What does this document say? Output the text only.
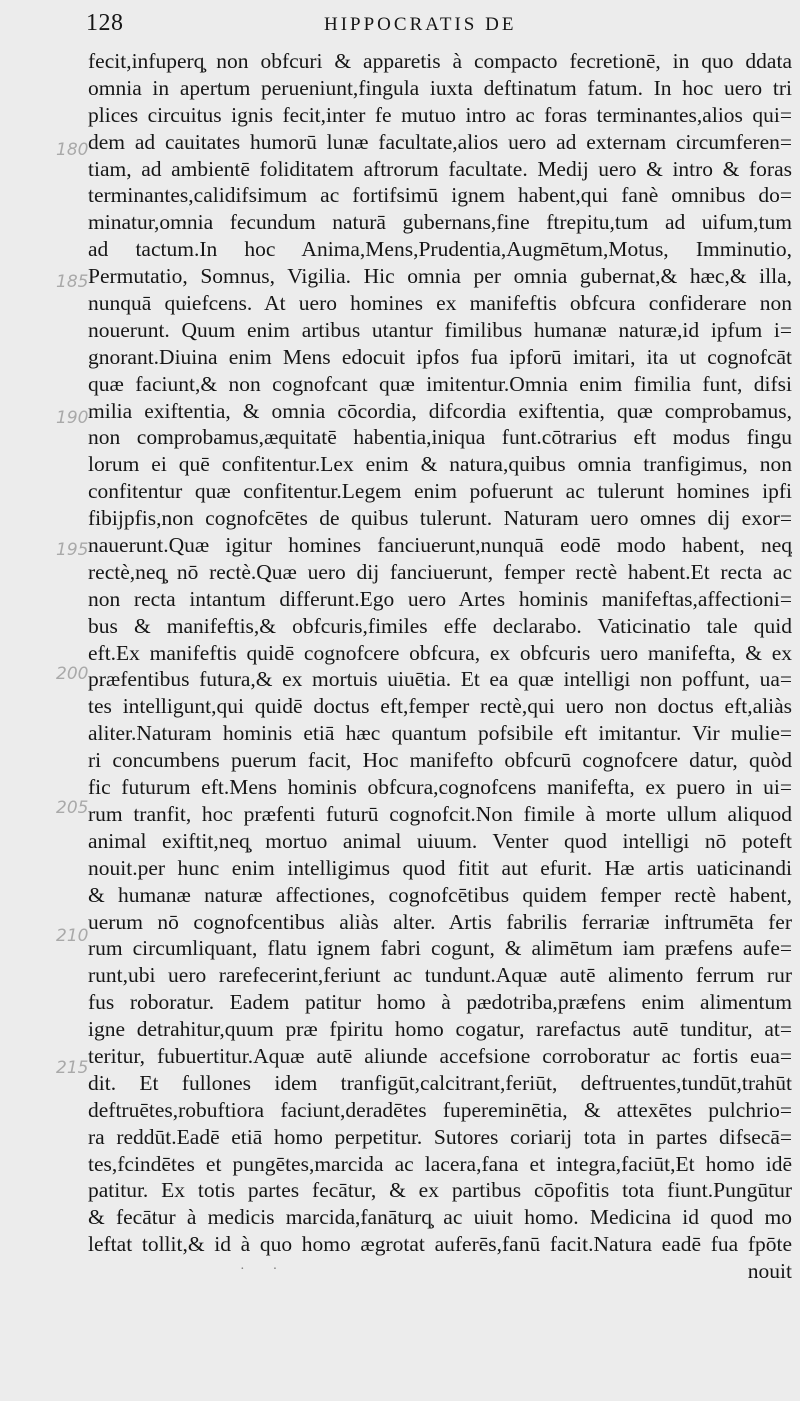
128	HIPPOCRATIS DE
fecit,infuperq̧ non obfcuri & apparetis à compacto fecretionē, in quo ddata
omnia in apertum perueniunt,fingula iuxta deftinatum fatum. In hoc uero tri
plices circuitus ignis fecit,inter fe mutuo intro ac foras terminantes,alios qui=
dem ad cauitates humorū lunæ facultate,alios uero ad externam circumferen=
tiam, ad ambientē foliditatem aftrorum facultate. Medij uero & intro & foras
terminantes,calidifsimum ac fortifsimū ignem habent,qui fanè omnibus do=
minatur,omnia fecundum naturā gubernans,fine ftrepitu,tum ad uifum,tum
ad tactum.In hoc Anima,Mens,Prudentia,Augmētum,Motus, Imminutio,
Permutatio, Somnus, Vigilia. Hic omnia per omnia gubernat,& hæc,& illa,
nunquā quiefcens. At uero homines ex manifeftis obfcura confiderare non
nouerunt. Quum enim artibus utantur fimilibus humanæ naturæ,id ipfum i=
gnorant.Diuina enim Mens edocuit ipfos fua ipforū imitari, ita ut cognofcāt
quæ faciunt,& non cognofcant quæ imitentur.Omnia enim fimilia funt, difsi
milia exiftentia, & omnia cōcordia, difcordia exiftentia, quæ comprobamus,
non comprobamus,æquitatē habentia,iniqua funt.cōtrarius eft modus fingu
lorum ei quē confitentur.Lex enim & natura,quibus omnia tranfigimus, non
confitentur quæ confitentur.Legem enim pofuerunt ac tulerunt homines ipfi
fibijpfis,non cognofcētes de quibus tulerunt. Naturam uero omnes dij exor=
nauerunt.Quæ igitur homines fanciuerunt,nunquā eodē modo habent, neq̧
rectè,neq̧ nō rectè.Quæ uero dij fanciuerunt, femper rectè habent.Et recta ac
non recta intantum differunt.Ego uero Artes hominis manifeftas,affectioni=
bus & manifeftis,& obfcuris,fimiles effe declarabo. Vaticinatio tale quid
eft.Ex manifeftis quidē cognofcere obfcura, ex obfcuris uero manifefta, & ex
præfentibus futura,& ex mortuis uiuētia. Et ea quæ intelligi non poffunt, ua=
tes intelligunt,qui quidē doctus eft,femper rectè,qui uero non doctus eft,aliàs
aliter.Naturam hominis etiā hæc quantum pofsibile eft imitantur. Vir mulie=
ri concumbens puerum facit, Hoc manifefto obfcurū cognofcere datur, quòd
fic futurum eft.Mens hominis obfcura,cognofcens manifefta, ex puero in ui=
rum tranfit, hoc præfenti futurū cognofcit.Non fimile à morte ullum aliquod
animal exiftit,neq̧ mortuo animal uiuum. Venter quod intelligi nō poteft
nouit.per hunc enim intelligimus quod fitit aut efurit. Hæ artis uaticinandi
& humanæ naturæ affectiones, cognofcētibus quidem femper rectè habent,
uerum nō cognofcentibus aliàs alter. Artis fabrilis ferrariæ inftrumēta fer
rum circumliquant, flatu ignem fabri cogunt, & alimētum iam præfens aufe=
runt,ubi uero rarefecerint,feriunt ac tundunt.Aquæ autē alimento ferrum rur
fus roboratur. Eadem patitur homo à pædotriba,præfens enim alimentum
igne detrahitur,quum præ fpiritu homo cogatur, rarefactus autē tunditur, at=
teritur, fubuertitur.Aquæ autē aliunde accefsione corroboratur ac fortis eua=
dit. Et fullones idem tranfigūt,calcitrant,feriūt, deftruentes,tundūt,trahūt
deftruētes,robuftiora faciunt,deradētes fupereminētia, & attexētes pulchrio=
ra reddūt.Eadē etiā homo perpetitur. Sutores coriarij tota in partes difsecā=
tes,fcindētes et pungētes,marcida ac lacera,fana et integra,faciūt,Et homo idē
patitur. Ex totis partes fecātur, & ex partibus cōpofitis tota fiunt.Pungūtur
& fecātur à medicis marcida,fanāturq̧ ac uiuit homo. Medicina id quod mo
leftat tollit,& id à quo homo ægrotat auferēs,fanū facit.Natura eadē fua fpōte
nouit
180
185
190
195
200
205
210
215
·        ·
